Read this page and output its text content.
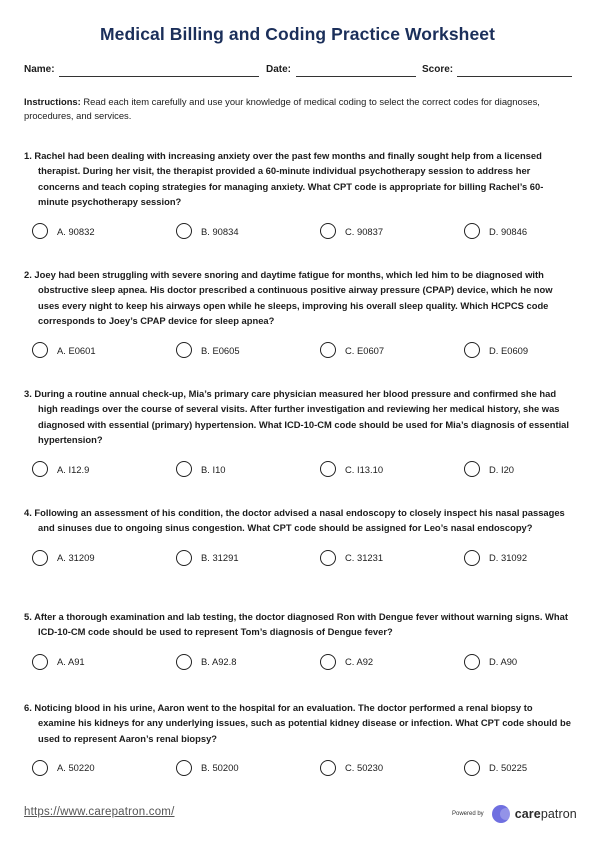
Medical Billing and Coding Practice Worksheet
Name:	Date:	Score:
Instructions: Read each item carefully and use your knowledge of medical coding to select the correct codes for diagnoses, procedures, and services.

1. Rachel had been dealing with increasing anxiety over the past few months and finally sought help from a licensed therapist. During her visit, the therapist provided a 60-minute individual psychotherapy session to address her concerns and teach coping strategies for managing anxiety. What CPT code is appropriate for billing Rachel’s 60-minute psychotherapy session?

A. 90832	B. 90834	C. 90837	D. 90846

2. Joey had been struggling with severe snoring and daytime fatigue for months, which led him to be diagnosed with obstructive sleep apnea. His doctor prescribed a continuous positive airway pressure (CPAP) device, which he now uses every night to keep his airways open while he sleeps, improving his overall sleep quality. Which HCPCS code corresponds to Joey’s CPAP device for sleep apnea?

A. E0601	B. E0605	C. E0607	D. E0609

3. During a routine annual check-up, Mia’s primary care physician measured her blood pressure and confirmed she had high readings over the course of several visits. After further investigation and reviewing her medical history, she was diagnosed with essential (primary) hypertension. What ICD-10-CM code should be used for Mia’s diagnosis of essential hypertension?

A. I12.9	B. I10	C. I13.10	D. I20

4. Following an assessment of his condition, the doctor advised a nasal endoscopy to closely inspect his nasal passages and sinuses due to ongoing sinus congestion. What CPT code should be assigned for Leo’s nasal endoscopy?

A. 31209	B. 31291	C. 31231	D. 31092

5. After a thorough examination and lab testing, the doctor diagnosed Ron with Dengue fever without warning signs. What ICD-10-CM code should be used to represent Tom’s diagnosis of Dengue fever?

A. A91	B. A92.8	C. A92	D. A90

6. Noticing blood in his urine, Aaron went to the hospital for an evaluation. The doctor performed a renal biopsy to examine his kidneys for any underlying issues, such as potential kidney disease or infection. What CPT code should be used to represent Aaron’s renal biopsy?

A. 50220	B. 50200	C. 50230	D. 50225
https://www.carepatron.com/	Powered by carepatron
